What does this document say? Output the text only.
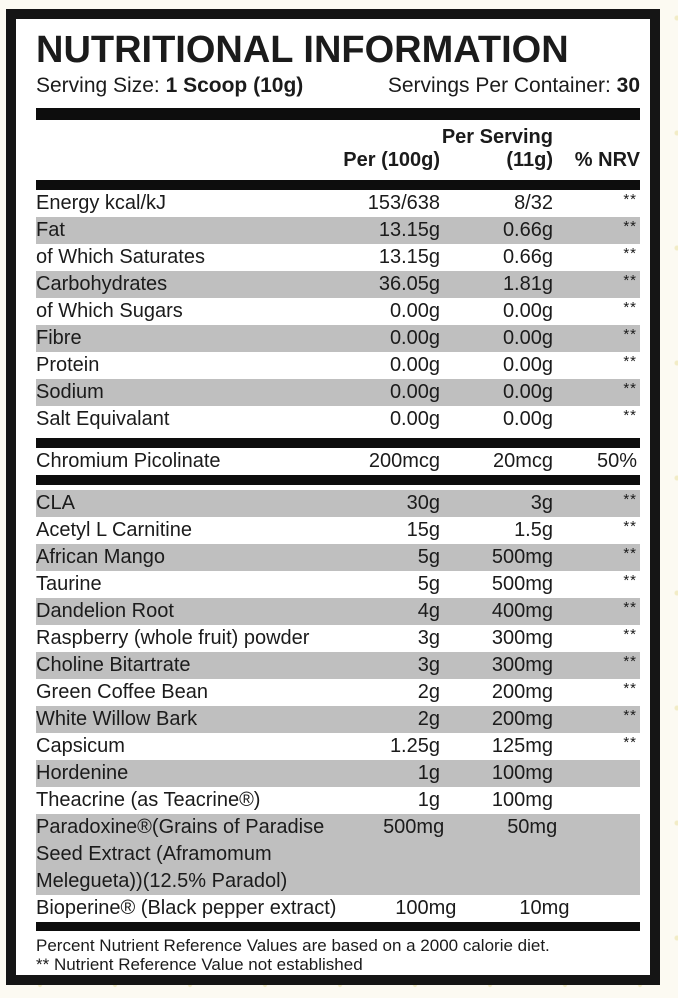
NUTRITIONAL INFORMATION
Serving Size: 1 Scoop (10g)	Servings Per Container: 30
Per (100g)
Per Serving
(11g)	% NRV
Energy kcal/kJ	153/638	8/32	**
Fat	13.15g	0.66g	**
of Which Saturates	13.15g	0.66g	**
Carbohydrates	36.05g	1.81g	**
of Which Sugars	0.00g	0.00g	**
Fibre	0.00g	0.00g	**
Protein	0.00g	0.00g	**
Sodium	0.00g	0.00g	**
Salt Equivalant	0.00g	0.00g	**
Chromium Picolinate	200mcg	20mcg	50%
CLA	30g	3g	**
Acetyl L Carnitine	15g	1.5g	**
African Mango	5g	500mg	**
Taurine	5g	500mg	**
Dandelion Root	4g	400mg	**
Raspberry (whole fruit) powder	3g	300mg	**
Choline Bitartrate	3g	300mg	**
Green Coffee Bean	2g	200mg	**
White Willow Bark	2g	200mg	**
Capsicum	1.25g	125mg	**
Hordenine	1g	100mg
Theacrine (as Teacrine®)	1g	100mg
Paradoxine®(Grains of Paradise
Seed Extract (Aframomum
Melegueta))(12.5% Paradol)
500mg	50mg
Bioperine® (Black pepper extract)	100mg	10mg
Percent Nutrient Reference Values are based on a 2000 calorie diet.
** Nutrient Reference Value not established
